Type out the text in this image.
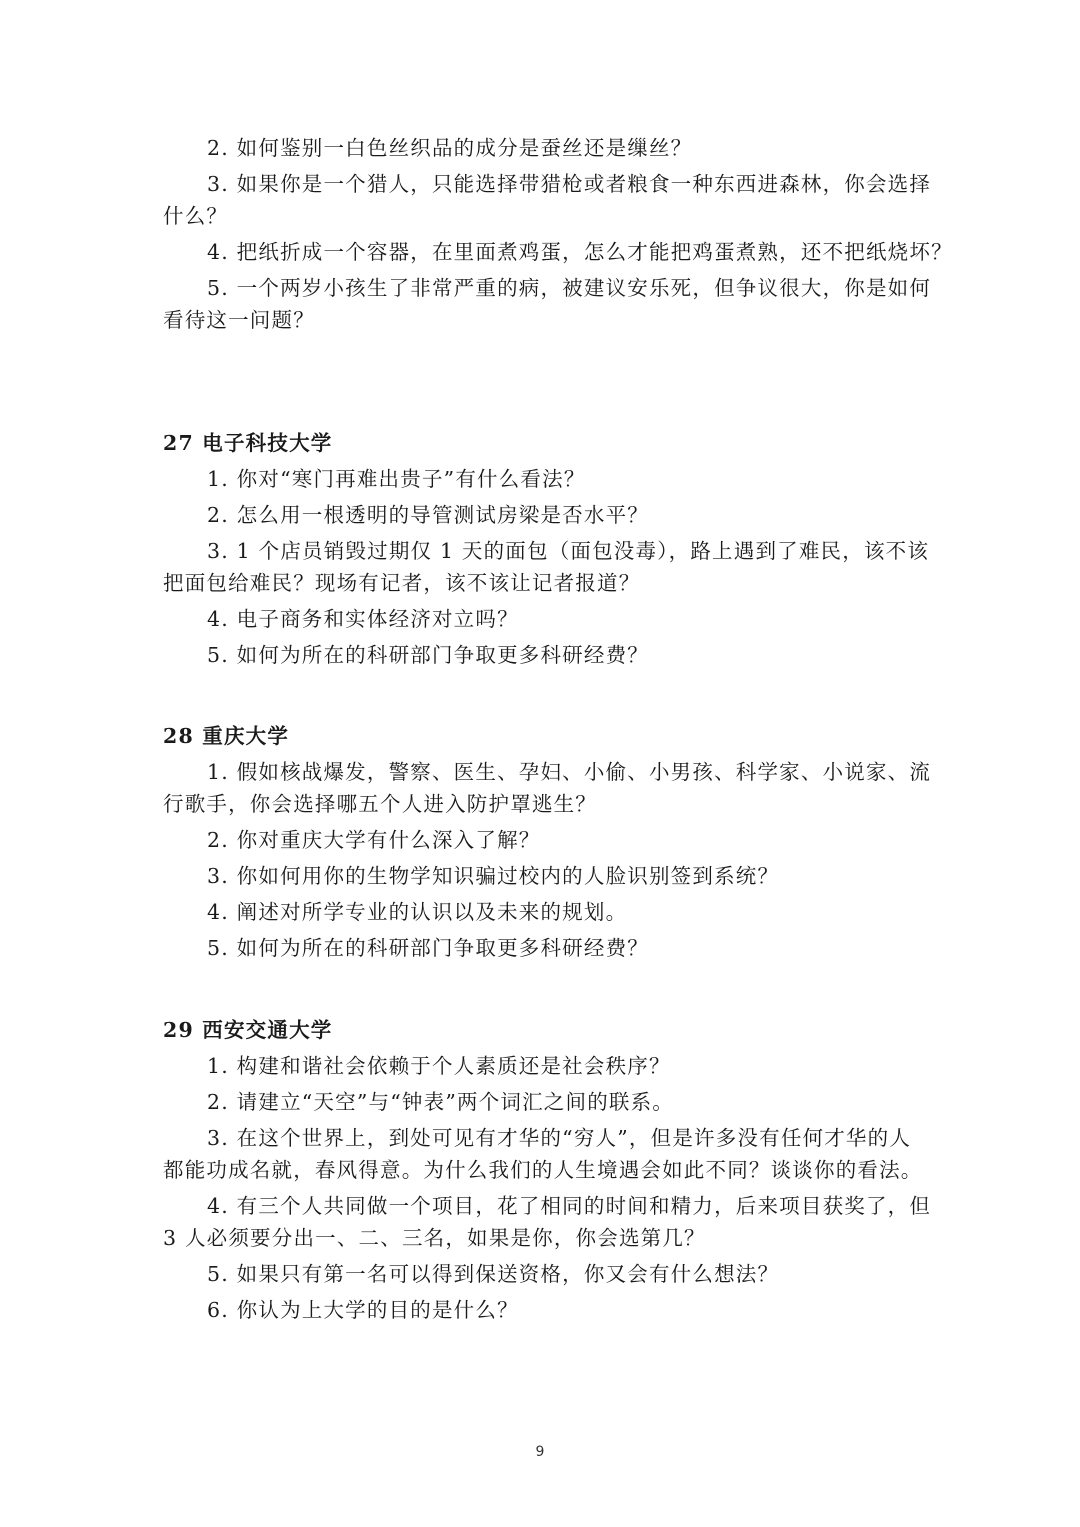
2. 如何鉴别一白色丝织品的成分是蚕丝还是缫丝？
3. 如果你是一个猎人，只能选择带猎枪或者粮食一种东西进森林，你会选择
什么？
4. 把纸折成一个容器，在里面煮鸡蛋，怎么才能把鸡蛋煮熟，还不把纸烧坏？
5. 一个两岁小孩生了非常严重的病，被建议安乐死，但争议很大，你是如何
看待这一问题？
27 电子科技大学
1. 你对“寒门再难出贵子”有什么看法？
2. 怎么用一根透明的导管测试房梁是否水平？
3. 1 个店员销毁过期仅 1 天的面包（面包没毒），路上遇到了难民，该不该
把面包给难民？现场有记者，该不该让记者报道？
4. 电子商务和实体经济对立吗？
5. 如何为所在的科研部门争取更多科研经费？
28 重庆大学
1. 假如核战爆发，警察、医生、孕妇、小偷、小男孩、科学家、小说家、流
行歌手，你会选择哪五个人进入防护罩逃生？
2. 你对重庆大学有什么深入了解？
3. 你如何用你的生物学知识骗过校内的人脸识别签到系统？
4. 阐述对所学专业的认识以及未来的规划。
5. 如何为所在的科研部门争取更多科研经费？
29 西安交通大学
1. 构建和谐社会依赖于个人素质还是社会秩序？
2. 请建立“天空”与“钟表”两个词汇之间的联系。
3. 在这个世界上，到处可见有才华的“穷人”，但是许多没有任何才华的人
都能功成名就，春风得意。为什么我们的人生境遇会如此不同？谈谈你的看法。
4. 有三个人共同做一个项目，花了相同的时间和精力，后来项目获奖了，但
3 人必须要分出一、二、三名，如果是你，你会选第几？
5. 如果只有第一名可以得到保送资格，你又会有什么想法？
6. 你认为上大学的目的是什么？
9
